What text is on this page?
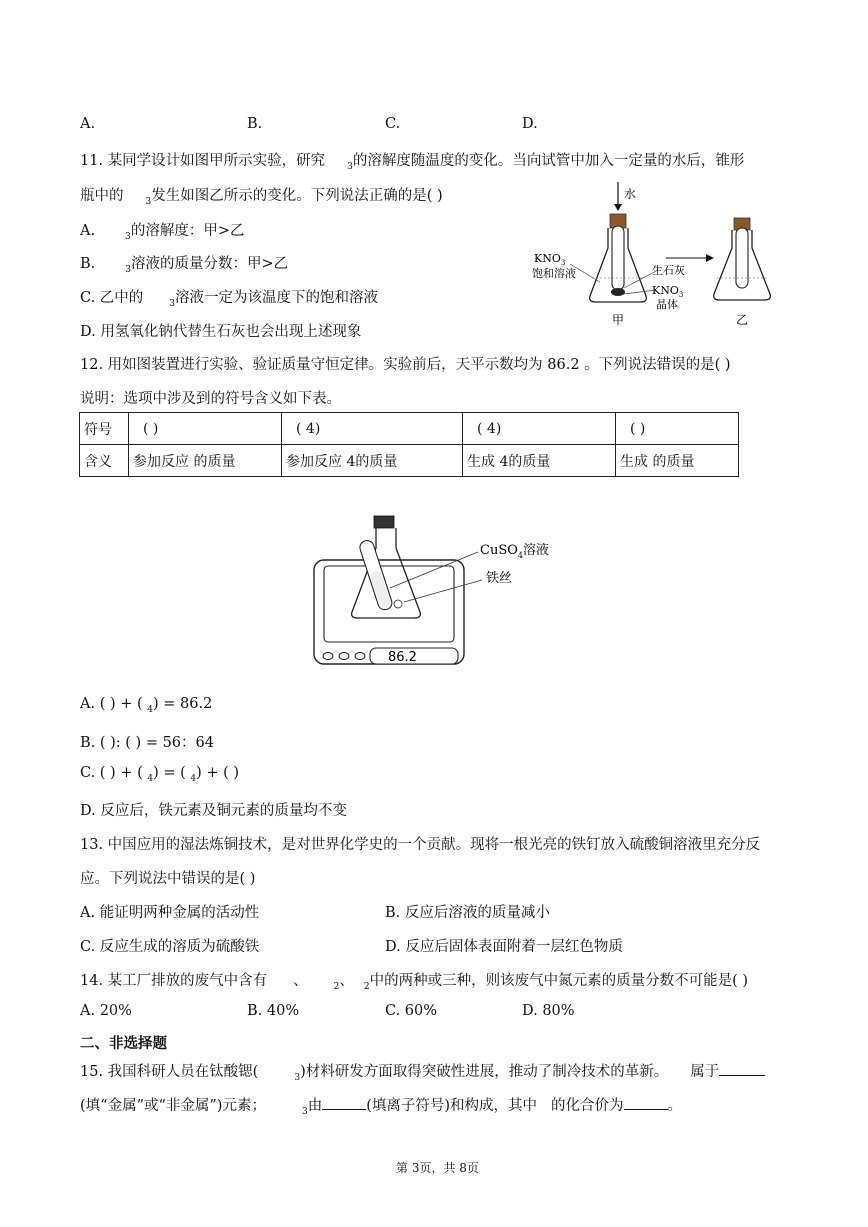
A.	B.	C.	D.
11. 某同学设计如图甲所示实验，研究 $_3$的溶解度随温度的变化。当向试管中加入一定量的水后，锥形
瓶中的 $_3$发生如图乙所示的变化。下列说法正确的是( )
A.	$_3$的溶解度：甲>乙
B.	$_3$溶液的质量分数：甲>乙
C. 乙中的	$_3$溶液一定为该温度下的饱和溶液
D. 用氢氧化钠代替生石灰也会出现上述现象
水
$KNO_3$
饱和溶液	生石灰
$KNO_3$
晶体
甲	乙
12. 用如图装置进行实验、验证质量守恒定律。实验前后，天平示数均为 86.2 。下列说法错误的是( )
说明：选项中涉及到的符号含义如下表。
符号	( )	( 4)	( 4)	( )
含义	参加反应 的质量	参加反应 4的质量	生成 4的质量	生成 的质量
86.2
CuSO$_4$溶液
铁丝
A. ( ) + ( $_4$) = 86.2
B. ( ): ( ) = 56：64
C. ( ) + ( $_4$) = ( $_4$) + ( )
D. 反应后，铁元素及铜元素的质量均不变
13. 中国应用的湿法炼铜技术，是对世界化学史的一个贡献。现将一根光亮的铁钉放入硫酸铜溶液里充分反
应。下列说法中错误的是( )
A. 能证明两种金属的活动性	B. 反应后溶液的质量减小
C. 反应生成的溶质为硫酸铁	D. 反应后固体表面附着一层红色物质
14. 某工厂排放的废气中含有 、	$_2$、 $_2$中的两种或三种，则该废气中氮元素的质量分数不可能是( )
A. 20%	B. 40%	C. 60%	D. 80%
二、非选择题
15. 我国科研人员在钛酸锶(	$_3$)材料研发方面取得突破性进展，推动了制冷技术的革新。 属于
(填“金属”或“非金属”)元素；	$_3$由	(填离子符号)和构成，其中 的化合价为	。
第 3页，共 8页
